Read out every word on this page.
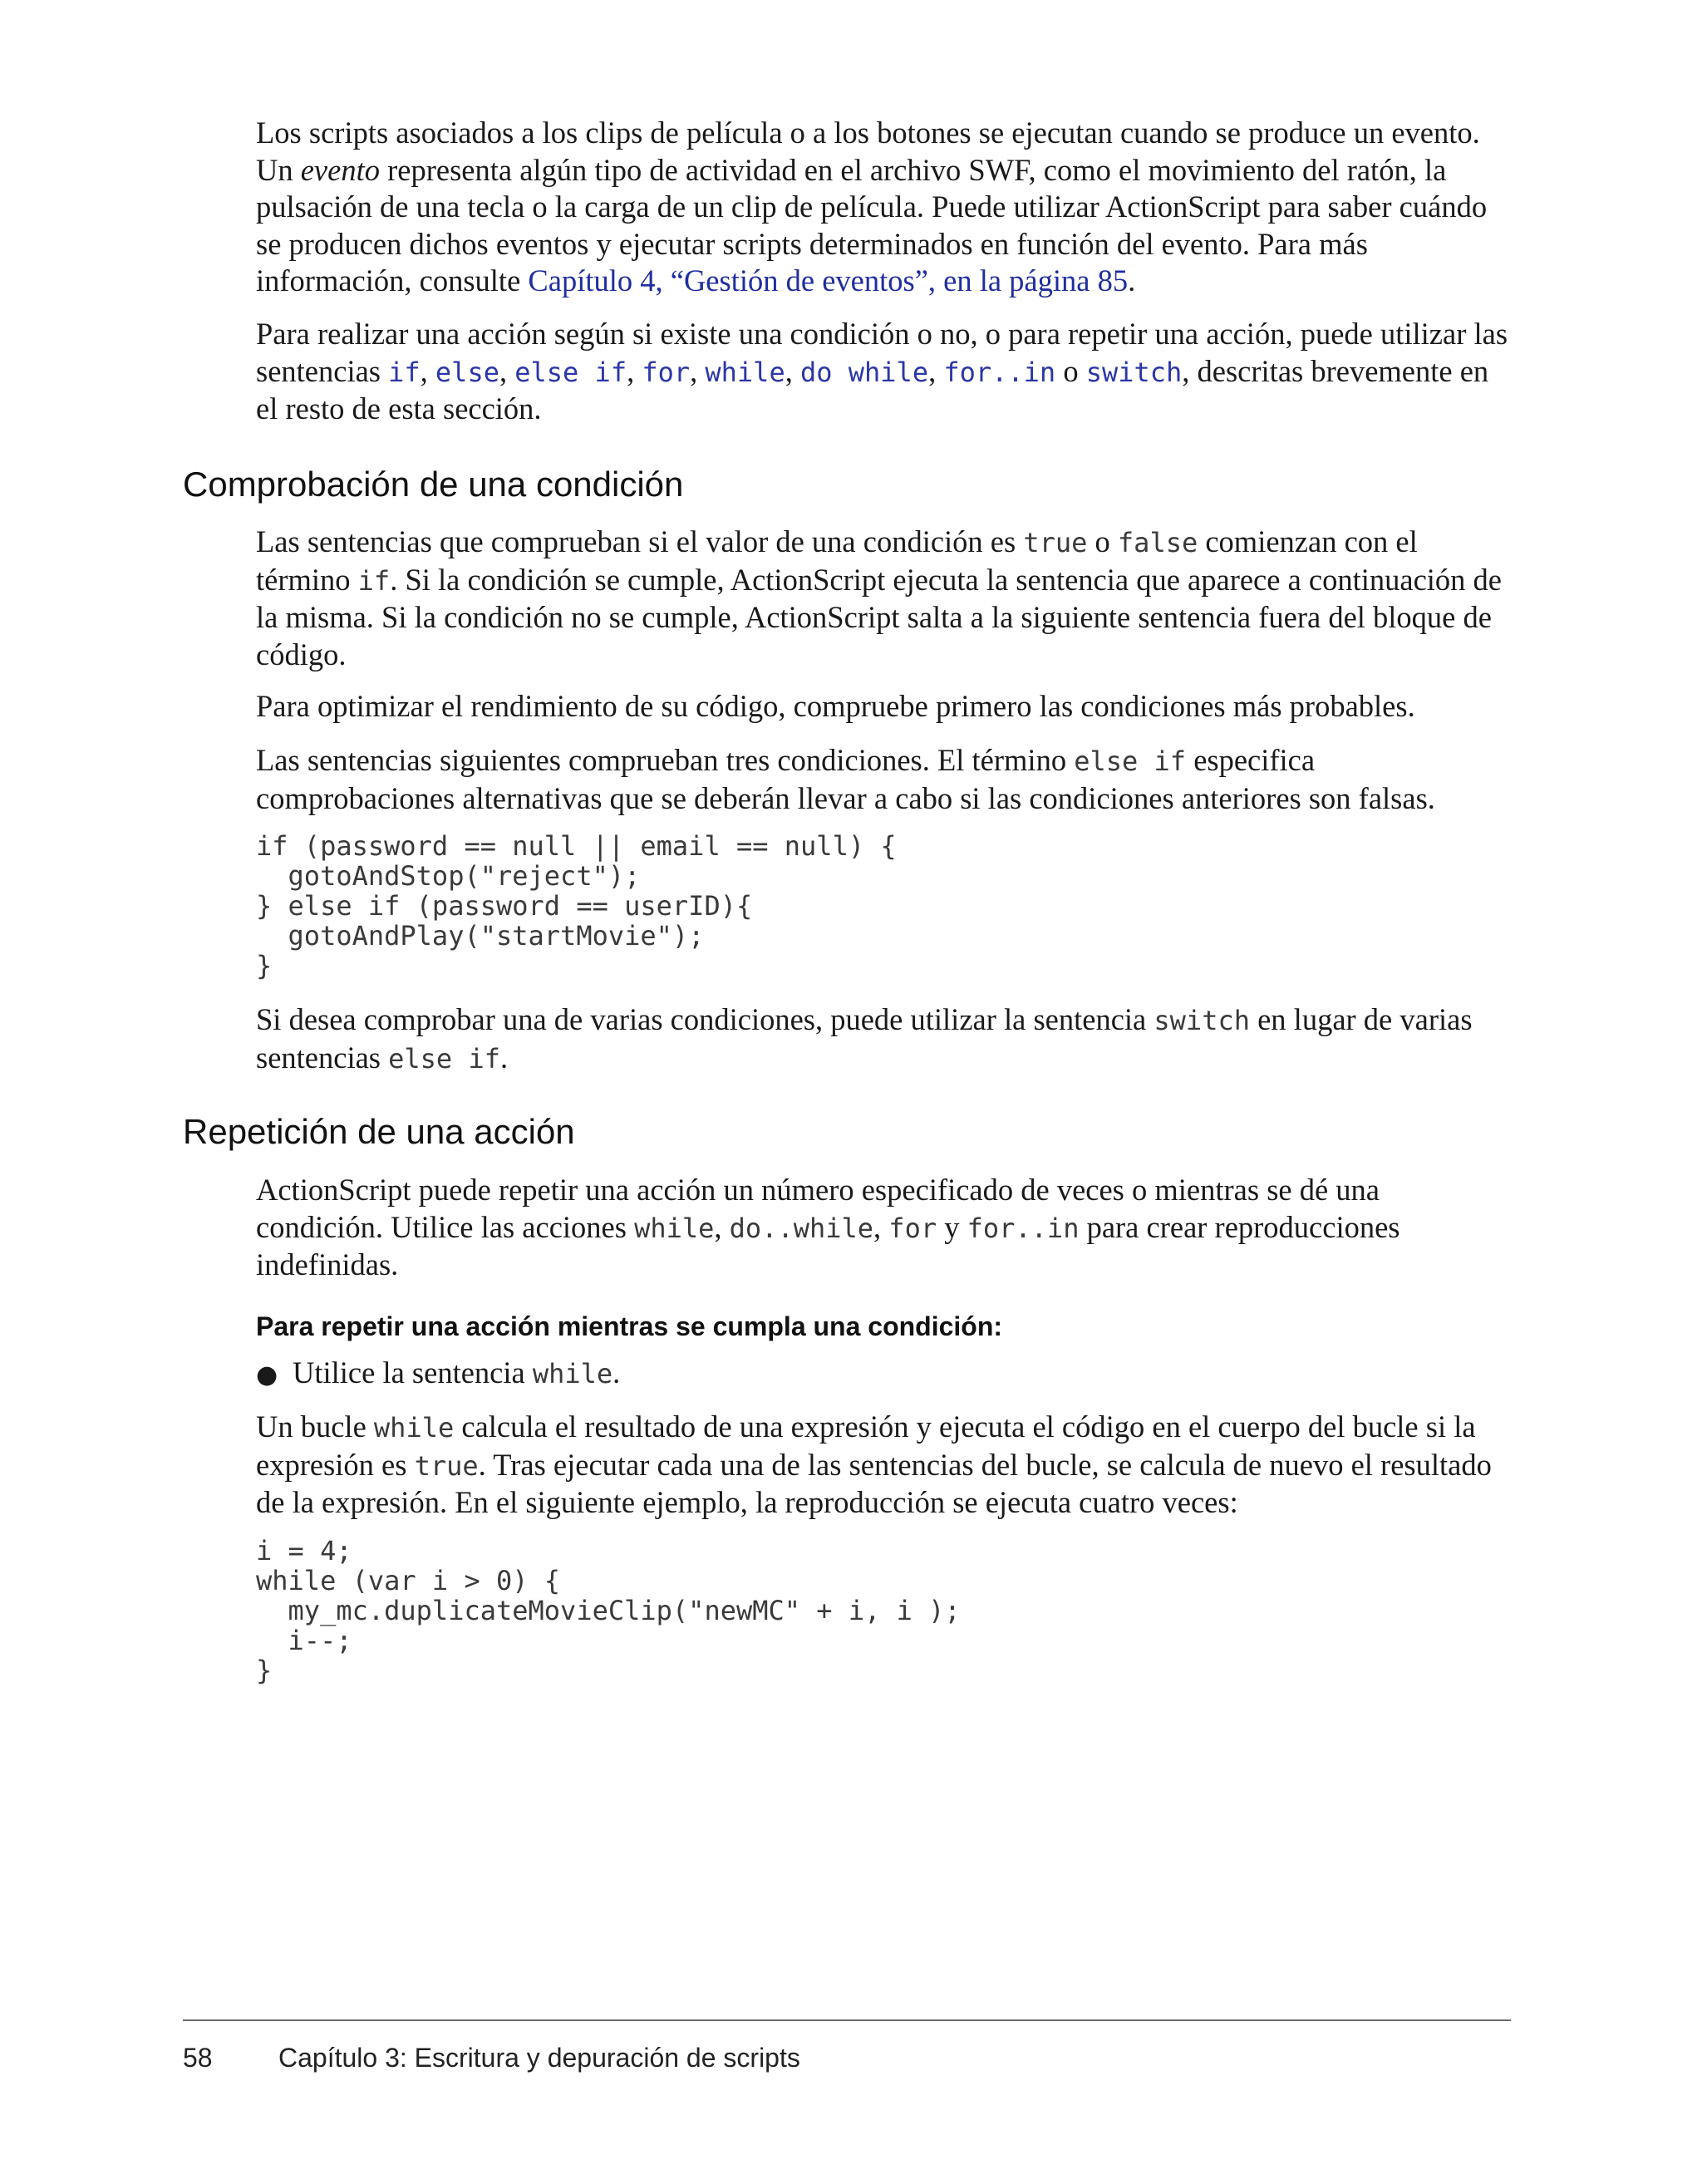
Los scripts asociados a los clips de película o a los botones se ejecutan cuando se produce un evento. Un evento representa algún tipo de actividad en el archivo SWF, como el movimiento del ratón, la pulsación de una tecla o la carga de un clip de película. Puede utilizar ActionScript para saber cuándo se producen dichos eventos y ejecutar scripts determinados en función del evento. Para más información, consulte Capítulo 4, “Gestión de eventos”, en la página 85.

Para realizar una acción según si existe una condición o no, o para repetir una acción, puede utilizar las sentencias if, else, else if, for, while, do while, for..in o switch, descritas brevemente en el resto de esta sección.

Comprobación de una condición

Las sentencias que comprueban si el valor de una condición es true o false comienzan con el término if. Si la condición se cumple, ActionScript ejecuta la sentencia que aparece a continuación de la misma. Si la condición no se cumple, ActionScript salta a la siguiente sentencia fuera del bloque de código.

Para optimizar el rendimiento de su código, compruebe primero las condiciones más probables.

Las sentencias siguientes comprueban tres condiciones. El término else if especifica comprobaciones alternativas que se deberán llevar a cabo si las condiciones anteriores son falsas.

if (password == null || email == null) {
gotoAndStop("reject");
} else if (password == userID){
gotoAndPlay("startMovie");
}

Si desea comprobar una de varias condiciones, puede utilizar la sentencia switch en lugar de varias sentencias else if.

Repetición de una acción

ActionScript puede repetir una acción un número especificado de veces o mientras se dé una condición. Utilice las acciones while, do..while, for y for..in para crear reproducciones indefinidas.

Para repetir una acción mientras se cumpla una condición:
● Utilice la sentencia while.

Un bucle while calcula el resultado de una expresión y ejecuta el código en el cuerpo del bucle si la expresión es true. Tras ejecutar cada una de las sentencias del bucle, se calcula de nuevo el resultado de la expresión. En el siguiente ejemplo, la reproducción se ejecuta cuatro veces:

i = 4;
while (var i > 0) {
my_mc.duplicateMovieClip("newMC" + i, i );
i--;
}
58 Capítulo 3: Escritura y depuración de scripts
